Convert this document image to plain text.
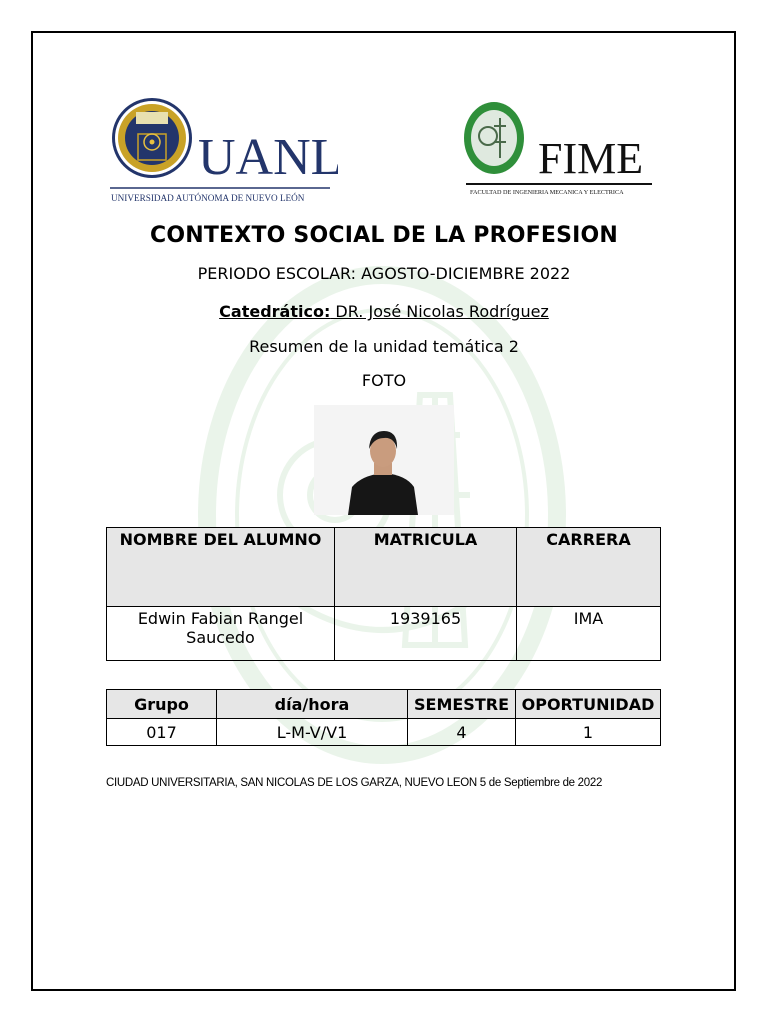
UANL
UNIVERSIDAD AUTÓNOMA DE NUEVO LEÓN
FIME
FACULTAD DE INGENIERIA MECANICA Y ELECTRICA
CONTEXTO SOCIAL DE LA PROFESION
PERIODO ESCOLAR: AGOSTO-DICIEMBRE 2022
Catedrático: DR. José Nicolas Rodríguez
Resumen de la unidad temática 2
FOTO
NOMBRE DEL ALUMNO	MATRICULA	CARRERA

Edwin Fabian Rangel
Saucedo	1939165	IMA
Grupo	día/hora	SEMESTRE	OPORTUNIDAD
017	L-M-V/V1	4	1
CIUDAD UNIVERSITARIA, SAN NICOLAS DE LOS GARZA, NUEVO LEON 5 de Septiembre de 2022
